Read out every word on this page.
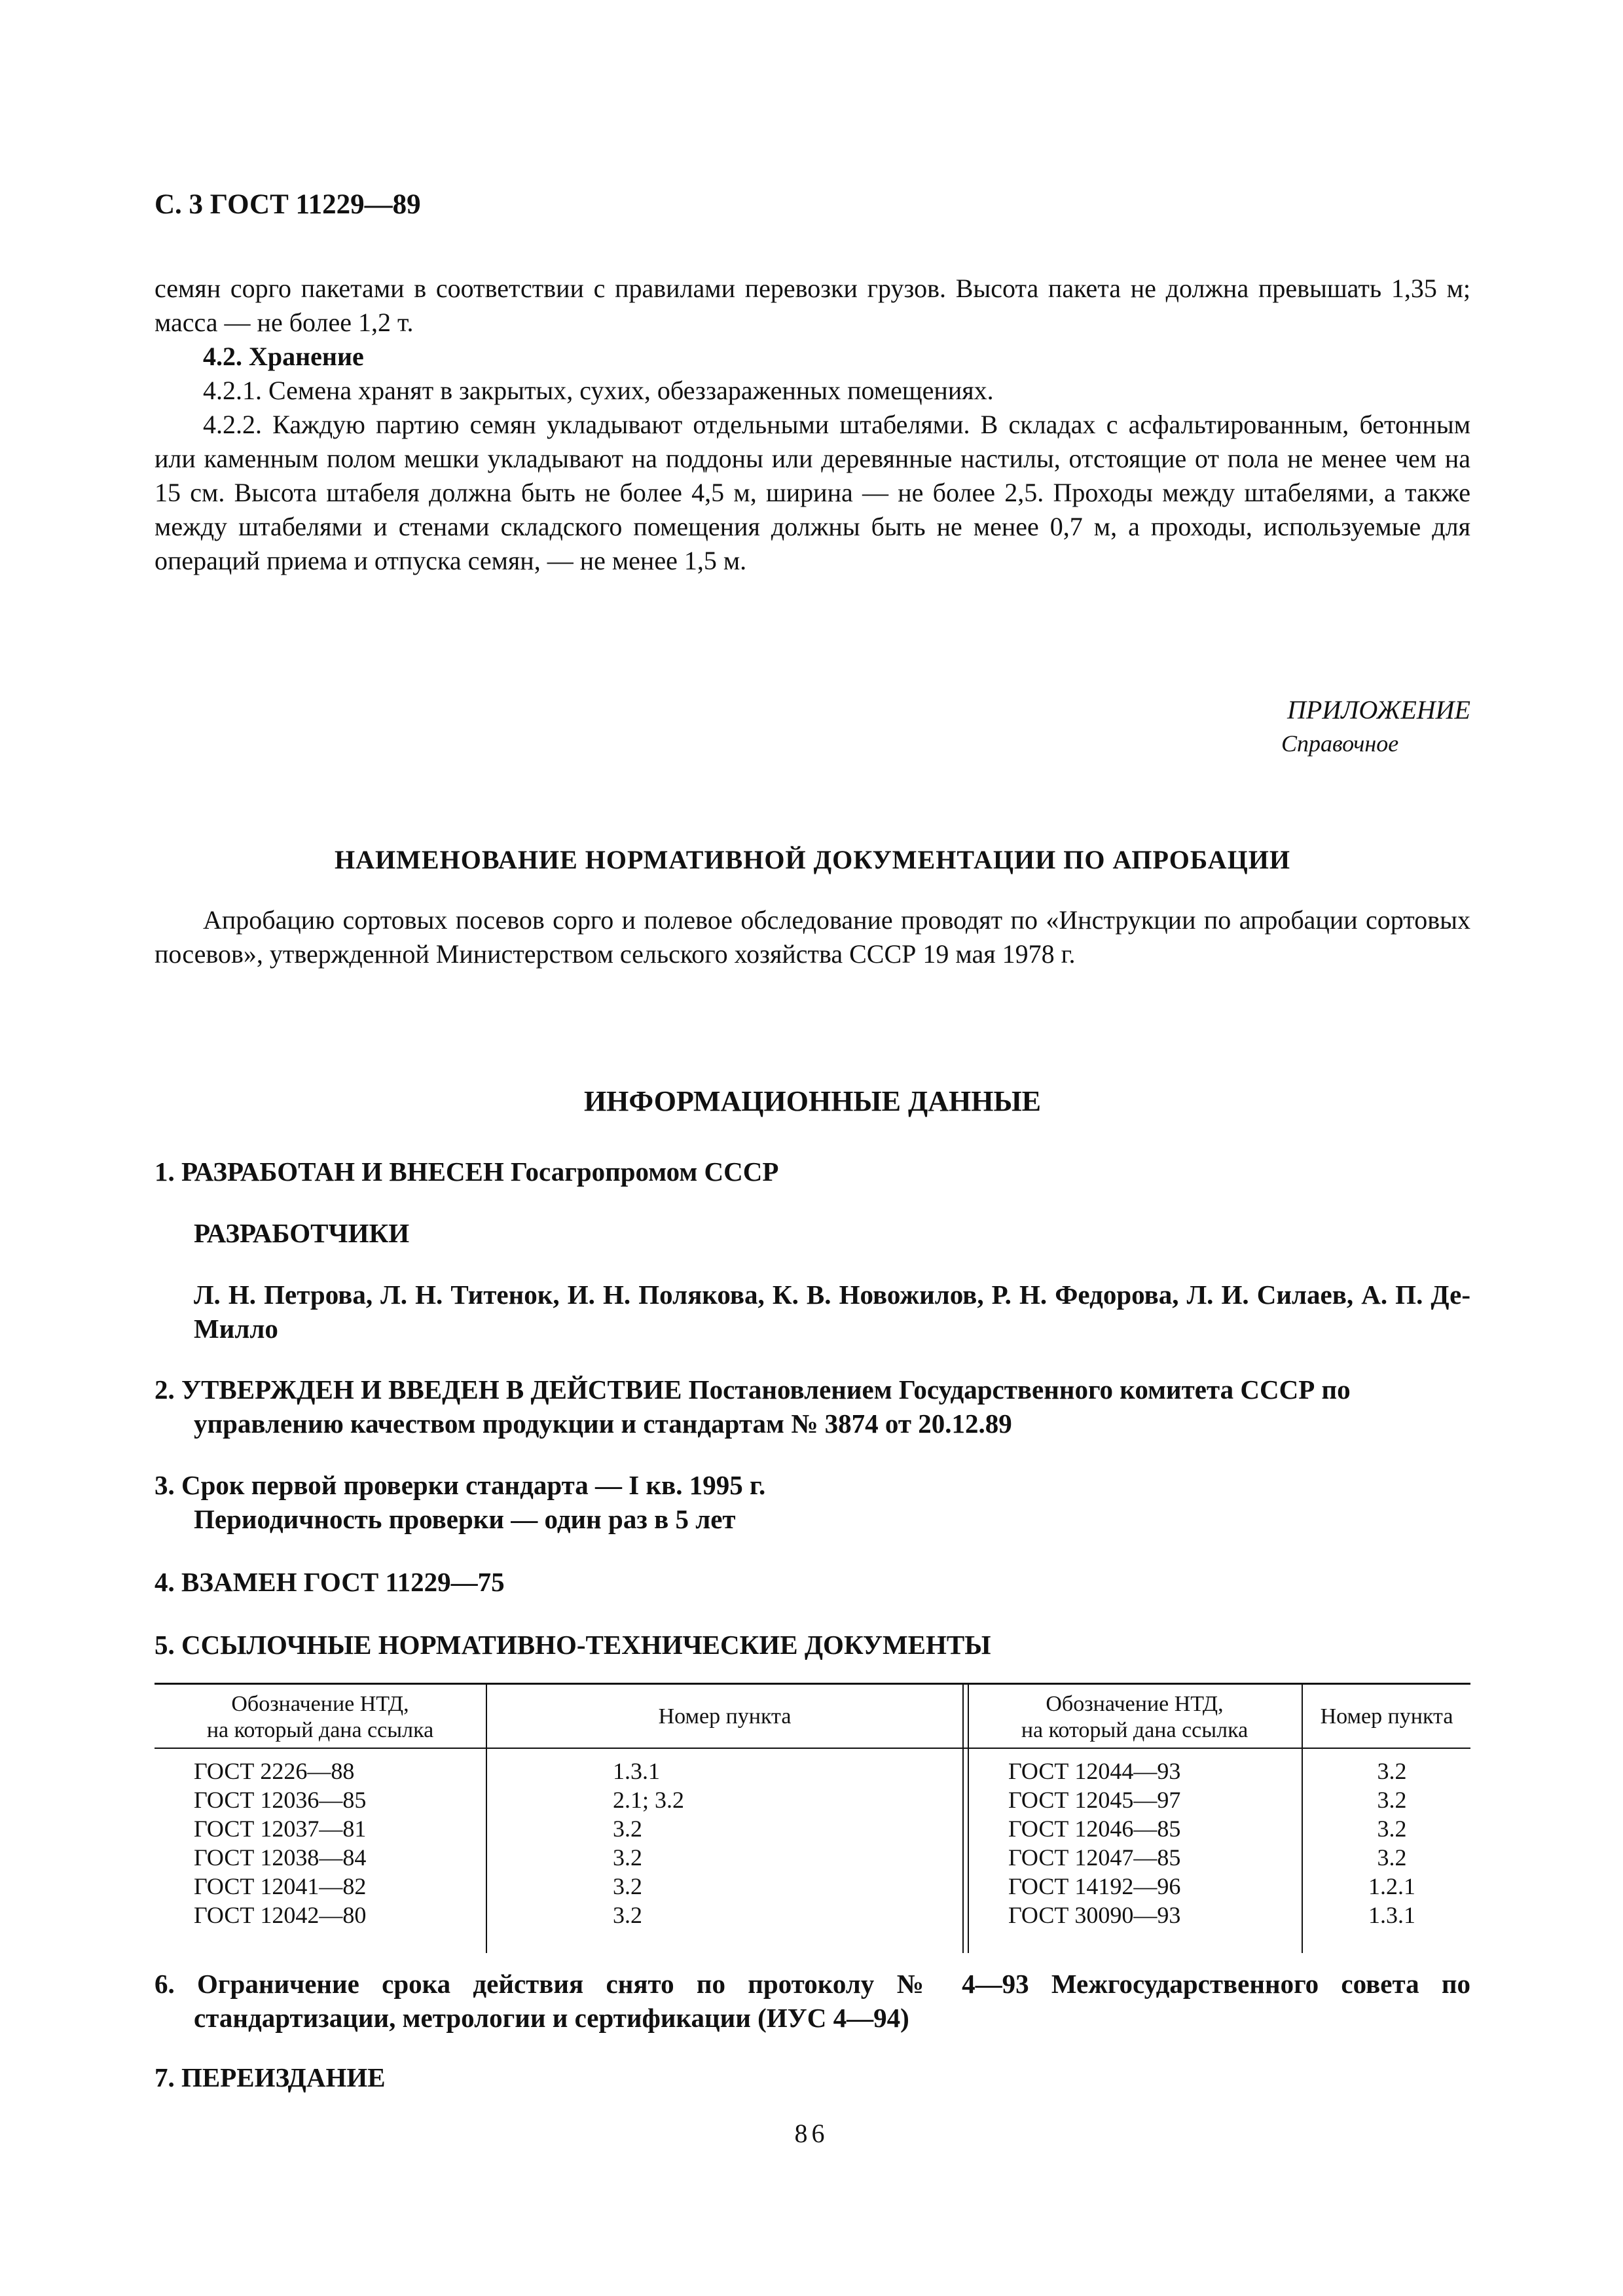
С. 3 ГОСТ 11229—89
семян сорго пакетами в соответствии с правилами перевозки грузов. Высота пакета не должна превышать 1,35 м; масса — не более 1,2 т.
4.2. Хранение
4.2.1. Семена хранят в закрытых, сухих, обеззараженных помещениях.
4.2.2. Каждую партию семян укладывают отдельными штабелями. В складах с асфальтированным, бетонным или каменным полом мешки укладывают на поддоны или деревянные настилы, отстоящие от пола не менее чем на 15 см. Высота штабеля должна быть не более 4,5 м, ширина — не более 2,5. Проходы между штабелями, а также между штабелями и стенами складского помещения должны быть не менее 0,7 м, а проходы, используемые для операций приема и отпуска семян, — не менее 1,5 м.
ПРИЛОЖЕНИЕ
Справочное
НАИМЕНОВАНИЕ НОРМАТИВНОЙ ДОКУМЕНТАЦИИ ПО АПРОБАЦИИ
Апробацию сортовых посевов сорго и полевое обследование проводят по «Инструкции по апробации сортовых посевов», утвержденной Министерством сельского хозяйства СССР 19 мая 1978 г.
ИНФОРМАЦИОННЫЕ ДАННЫЕ
1. РАЗРАБОТАН И ВНЕСЕН Госагропромом СССР
РАЗРАБОТЧИКИ
Л. Н. Петрова, Л. Н. Титенок, И. Н. Полякова, К. В. Новожилов, Р. Н. Федорова, Л. И. Силаев, А. П. Де-Милло
2. УТВЕРЖДЕН И ВВЕДЕН В ДЕЙСТВИЕ Постановлением Государственного комитета СССР по управлению качеством продукции и стандартам № 3874 от 20.12.89
3. Срок первой проверки стандарта — I кв. 1995 г.
Периодичность проверки — один раз в 5 лет
4. ВЗАМЕН ГОСТ 11229—75
5. ССЫЛОЧНЫЕ НОРМАТИВНО-ТЕХНИЧЕСКИЕ ДОКУМЕНТЫ
Обозначение НТД,
на который дана ссылка
Номер пункта
Обозначение НТД,
на который дана ссылка
Номер пункта
ГОСТ 2226—88
ГОСТ 12036—85
ГОСТ 12037—81
ГОСТ 12038—84
ГОСТ 12041—82
ГОСТ 12042—80
1.3.1
2.1; 3.2
3.2
3.2
3.2
3.2
ГОСТ 12044—93
ГОСТ 12045—97
ГОСТ 12046—85
ГОСТ 12047—85
ГОСТ 14192—96
ГОСТ 30090—93
3.2
3.2
3.2
3.2
1.2.1
1.3.1
6. Ограничение срока действия снято по протоколу № 4—93 Межгосударственного совета по стандартизации, метрологии и сертификации (ИУС 4—94)
7. ПЕРЕИЗДАНИЕ
86
